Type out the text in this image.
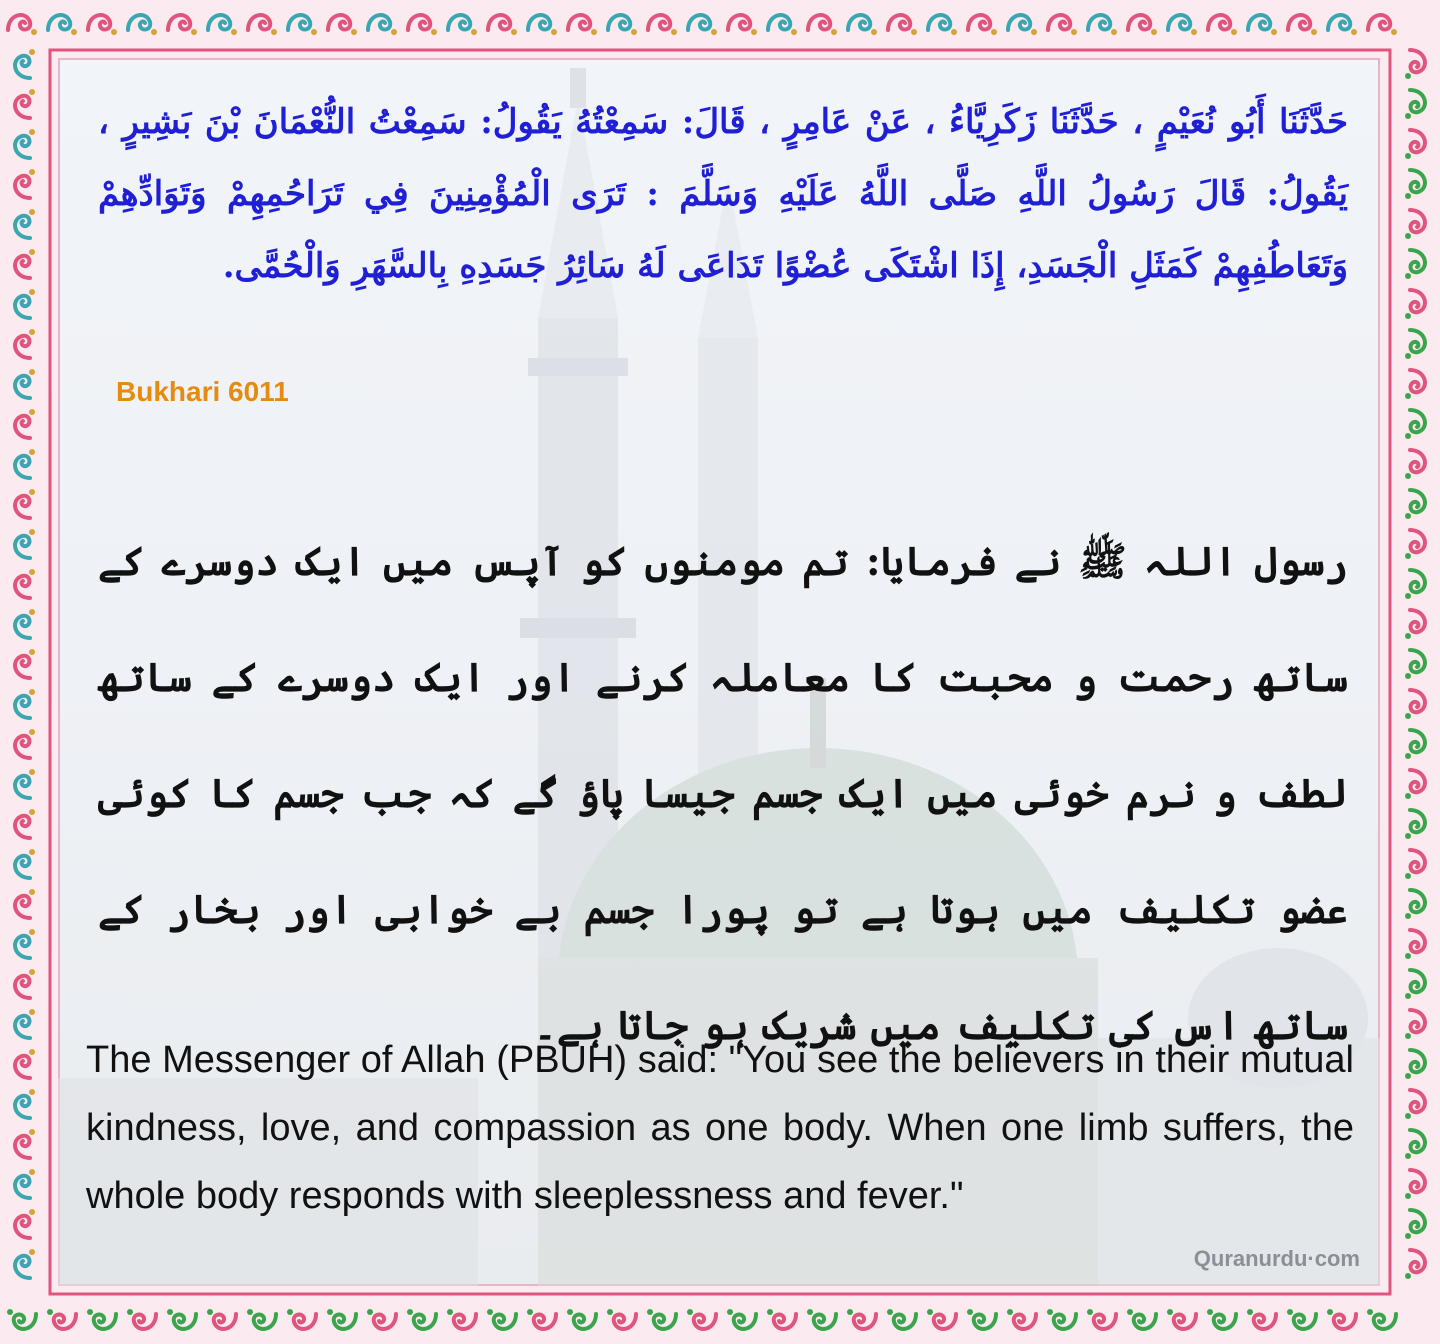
حَدَّثَنَا أَبُو نُعَيْمٍ ، حَدَّثَنَا زَكَرِيَّاءُ ، عَنْ عَامِرٍ ، قَالَ: سَمِعْتُهُ يَقُولُ: سَمِعْتُ النُّعْمَانَ بْنَ بَشِيرٍ ، يَقُولُ: قَالَ رَسُولُ اللَّهِ صَلَّى اللَّهُ عَلَيْهِ وَسَلَّمَ : تَرَى الْمُؤْمِنِينَ فِي تَرَاحُمِهِمْ وَتَوَادِّهِمْ وَتَعَاطُفِهِمْ كَمَثَلِ الْجَسَدِ، إِذَا اشْتَكَى عُضْوًا تَدَاعَى لَهُ سَائِرُ جَسَدِهِ بِالسَّهَرِ وَالْحُمَّى.
Bukhari 6011
رسول اللہ ﷺ نے فرمایا: تم مومنوں کو آپس میں ایک دوسرے کے ساتھ رحمت و محبت کا معاملہ کرنے اور ایک دوسرے کے ساتھ لطف و نرم خوئی میں ایک جسم جیسا پاؤ گے کہ جب جسم کا کوئی عضو تکلیف میں ہوتا ہے تو پورا جسم بے خوابی اور بخار کے ساتھ اس کی تکلیف میں شریک ہو جاتا ہے۔
The Messenger of Allah (PBUH) said: "You see the believers in their mutual kindness, love, and compassion as one body. When one limb suffers, the whole body responds with sleeplessness and fever."
Quranurdu·com
